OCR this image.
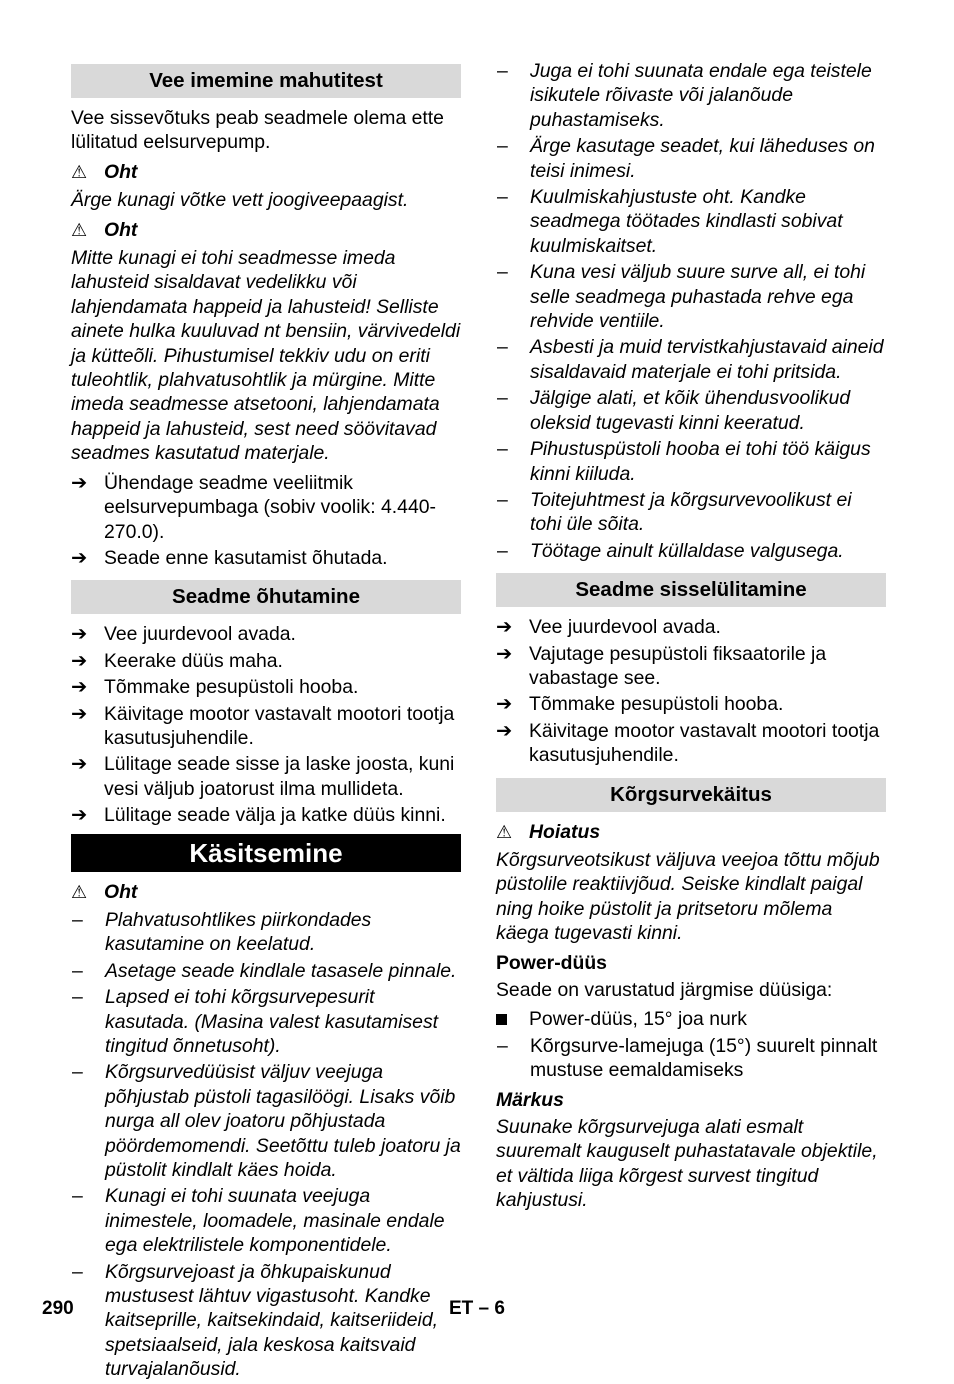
Vee imemine mahutitest

Vee sissevõtuks peab seadmele olema ette lülitatud eelsurvepump.

⚠ Oht

Ärge kunagi võtke vett joogiveepaagist.

⚠ Oht

Mitte kunagi ei tohi seadmesse imeda lahusteid sisaldavat vedelikku või lahjendamata happeid ja lahusteid! Selliste ainete hulka kuuluvad nt bensiin, värvivedeldi ja kütteõli. Pihustumisel tekkiv udu on eriti tuleohtlik, plahvatusohtlik ja mürgine. Mitte imeda seadmesse atsetooni, lahjendamata happeid ja lahusteid, sest need söövitavad seadmes kasutatud materjale.

➔ Ühendage seadme veeliitmik eelsurvepumbaga (sobiv voolik: 4.440-270.0).
➔ Seade enne kasutamist õhutada.
Seadme õhutamine
➔ Vee juurdevool avada.
➔ Keerake düüs maha.
➔ Tõmmake pesupüstoli hooba.
➔ Käivitage mootor vastavalt mootori tootja kasutusjuhendile.
➔ Lülitage seade sisse ja laske joosta, kuni vesi väljub joatorust ilma mullideta.
➔ Lülitage seade välja ja katke düüs kinni.
Käsitsemine
⚠ Oht
–	Plahvatusohtlikes piirkondades kasutamine on keelatud.
–	Asetage seade kindlale tasasele pinnale.
–	Lapsed ei tohi kõrgsurvepesurit kasutada. (Masina valest kasutamisest tingitud õnnetusoht).
–	Kõrgsurvedüüsist väljuv veejuga põhjustab püstoli tagasilöögi. Lisaks võib nurga all olev joatoru põhjustada pöördemomendi. Seetõttu tuleb joatoru ja püstolit kindlalt käes hoida.
–	Kunagi ei tohi suunata veejuga inimestele, loomadele, masinale endale ega elektrilistele komponentidele.
–	Kõrgsurvejoast ja õhkupaiskunud mustusest lähtuv vigastusoht. Kandke kaitseprille, kaitsekindaid, kaitseriideid, spetsiaalseid, jala keskosa kaitsvaid turvajalanõusid.
–	Juga ei tohi suunata endale ega teistele isikutele rõivaste või jalanõude puhastamiseks.
–	Ärge kasutage seadet, kui läheduses on teisi inimesi.
–	Kuulmiskahjustuste oht. Kandke seadmega töötades kindlasti sobivat kuulmiskaitset.
–	Kuna vesi väljub suure surve all, ei tohi selle seadmega puhastada rehve ega rehvide ventiile.
–	Asbesti ja muid tervistkahjustavaid aineid sisaldavaid materjale ei tohi pritsida.
–	Jälgige alati, et kõik ühendusvoolikud oleksid tugevasti kinni keeratud.
–	Pihustuspüstoli hooba ei tohi töö käigus kinni kiiluda.
–	Toitejuhtmest ja kõrgsurvevoolikust ei tohi üle sõita.
–	Töötage ainult küllaldase valgusega.
Seadme sisselülitamine
➔ Vee juurdevool avada.
➔ Vajutage pesupüstoli fiksaatorile ja vabastage see.
➔ Tõmmake pesupüstoli hooba.
➔ Käivitage mootor vastavalt mootori tootja kasutusjuhendile.
Kõrgsurvekäitus
⚠ Hoiatus

Kõrgsurveotsikust väljuva veejoa tõttu mõjub püstolile reaktiivjõud. Seiske kindlalt paigal ning hoike püstolit ja pritsetoru mõlema käega tugevasti kinni.

Power-düüs

Seade on varustatud järgmise düüsiga:

Power-düüs, 15° joa nurk
–	Kõrgsurve-lamejuga (15°) suurelt pinnalt mustuse eemaldamiseks
Märkus

Suunake kõrgsurvejuga alati esmalt suuremalt kauguselt puhastatavale objektile, et vältida liiga kõrgest survest tingitud kahjustusi.

290	ET – 6
